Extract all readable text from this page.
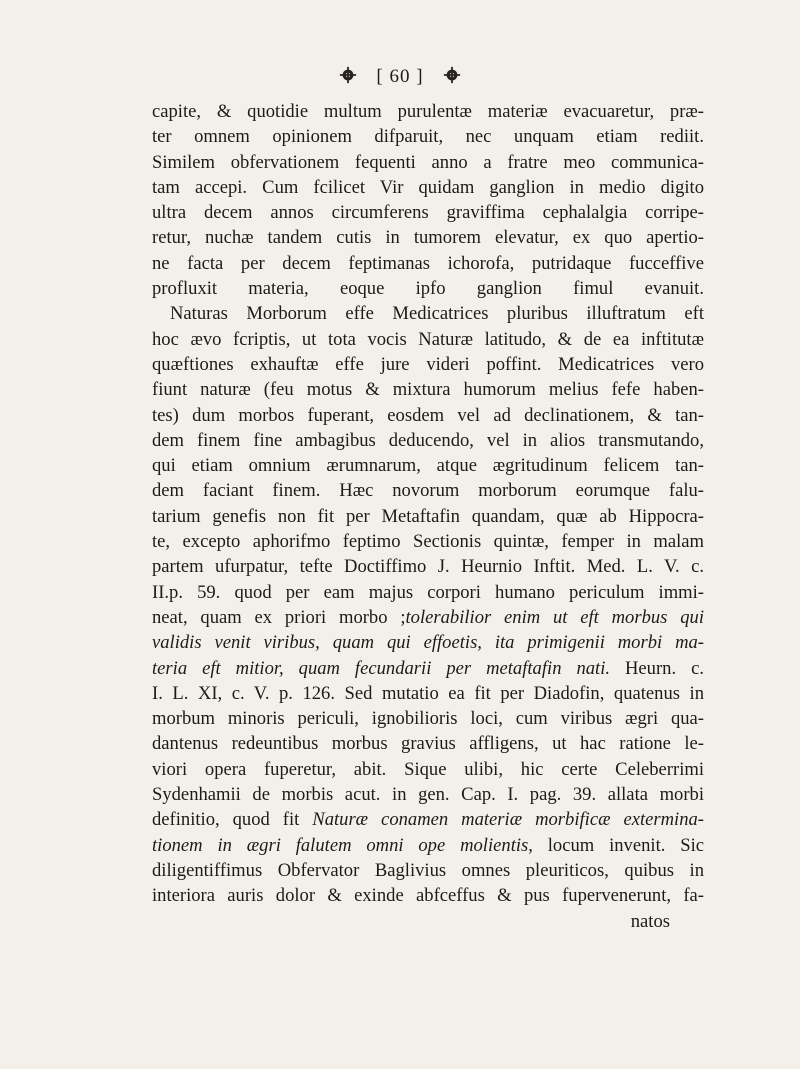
[ 60 ]
capite, & quotidie multum purulentæ materiæ evacuaretur, præ-
ter omnem opinionem difparuit, nec unquam etiam rediit.
Similem obfervationem fequenti anno a fratre meo communica-
tam accepi. Cum fcilicet Vir quidam ganglion in medio digito
ultra decem annos circumferens graviffima cephalalgia corripe-
retur, nuchæ tandem cutis in tumorem elevatur, ex quo apertio-
ne facta per decem feptimanas ichorofa, putridaque fucceffive
profluxit materia, eoque ipfo ganglion fimul evanuit.
Naturas Morborum effe Medicatrices pluribus illuftratum eft
hoc ævo fcriptis, ut tota vocis Naturæ latitudo, & de ea inftitutæ
quæftiones exhauftæ effe jure videri poffint. Medicatrices vero
fiunt naturæ (feu motus & mixtura humorum melius fefe haben-
tes) dum morbos fuperant, eosdem vel ad declinationem, & tan-
dem finem fine ambagibus deducendo, vel in alios transmutando,
qui etiam omnium ærumnarum, atque ægritudinum felicem tan-
dem faciant finem. Hæc novorum morborum eorumque falu-
tarium genefis non fit per Metaftafin quandam, quæ ab Hippocra-
te, excepto aphorifmo feptimo Sectionis quintæ, femper in malam
partem ufurpatur, tefte Doctiffimo J. Heurnio Inftit. Med. L. V. c.
II.p. 59. quod per eam majus corpori humano periculum immi-
neat, quam ex priori morbo ;tolerabilior enim ut eft morbus qui
validis venit viribus, quam qui effoetis, ita primigenii morbi ma-
teria eft mitior, quam fecundarii per metaftafin nati. Heurn. c.
I. L. XI, c. V. p. 126. Sed mutatio ea fit per Diadofin, quatenus in
morbum minoris periculi, ignobilioris loci, cum viribus ægri qua-
dantenus redeuntibus morbus gravius affligens, ut hac ratione le-
viori opera fuperetur, abit. Sique ulibi, hic certe Celeberrimi
Sydenhamii de morbis acut. in gen. Cap. I. pag. 39. allata morbi
definitio, quod fit Naturæ conamen materiæ morbificæ extermina-
tionem in ægri falutem omni ope molientis, locum invenit. Sic
diligentiffimus Obfervator Baglivius omnes pleuriticos, quibus in
interiora auris dolor & exinde abfceffus & pus fupervenerunt, fa-
natos
